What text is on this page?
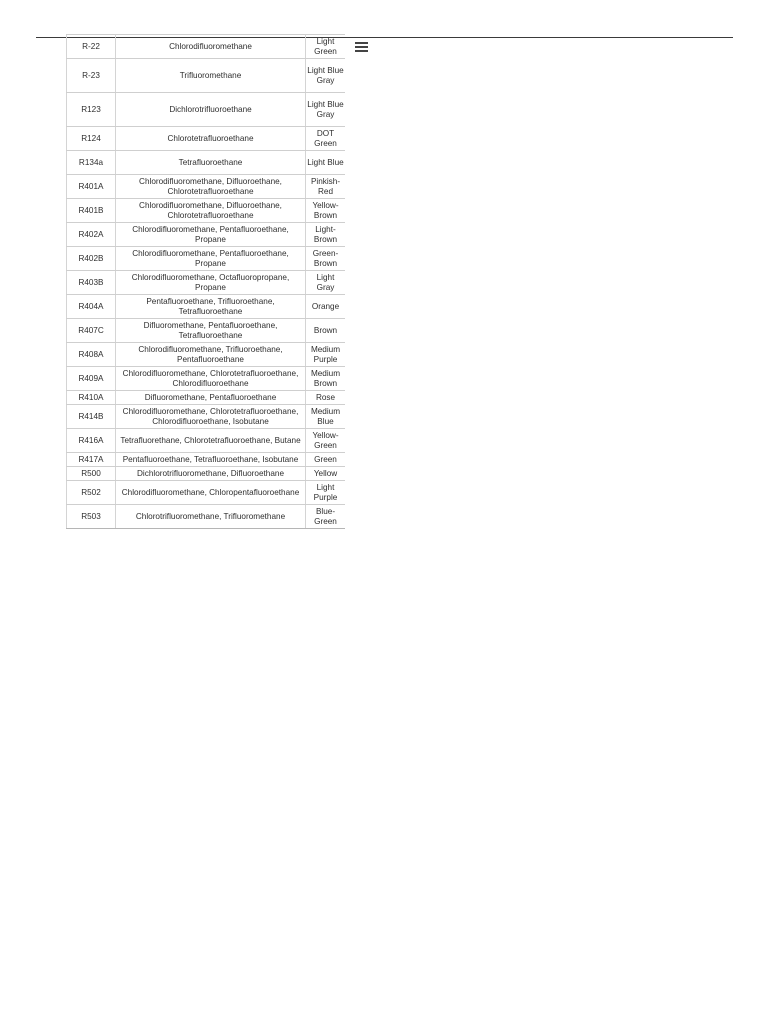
R-22	Chlorodifluoromethane	Light Green
R-23	Trifluoromethane	Light Blue Gray
R123	Dichlorotrifluoroethane	Light Blue Gray
R124	Chlorotetrafluoroethane	DOT Green
R134a	Tetrafluoroethane	Light Blue
R401A	Chlorodifluoromethane, Difluoroethane, Chlorotetrafluoroethane	Pinkish-Red
R401B	Chlorodifluoromethane, Difluoroethane, Chlorotetrafluoroethane	Yellow-Brown
R402A	Chlorodifluoromethane, Pentafluoroethane, Propane	Light-Brown
R402B	Chlorodifluoromethane, Pentafluoroethane, Propane	Green-Brown
R403B	Chlorodifluoromethane, Octafluoropropane, Propane	Light Gray
R404A	Pentafluoroethane, Trifluoroethane, Tetrafluoroethane	Orange
R407C	Difluoromethane, Pentafluoroethane, Tetrafluoroethane	Brown
R408A	Chlorodifluoromethane, Trifluoroethane, Pentafluoroethane	Medium Purple
R409A	Chlorodifluoromethane, Chlorotetrafluoroethane, Chlorodifluoroethane	Medium Brown
R410A	Difluoromethane, Pentafluoroethane	Rose
R414B	Chlorodifluoromethane, Chlorotetrafluoroethane, Chlorodifluoroethane, Isobutane	Medium Blue
R416A	Tetrafluorethane, Chlorotetrafluoroethane, Butane	Yellow-Green
R417A	Pentafluoroethane, Tetrafluoroethane, Isobutane	Green
R500	Dichlorotrifluoromethane, Difluoroethane	Yellow
R502	Chlorodifluoromethane, Chloropentafluoroethane	Light Purple
R503	Chlorotrifluoromethane, Trifluoromethane	Blue-Green
